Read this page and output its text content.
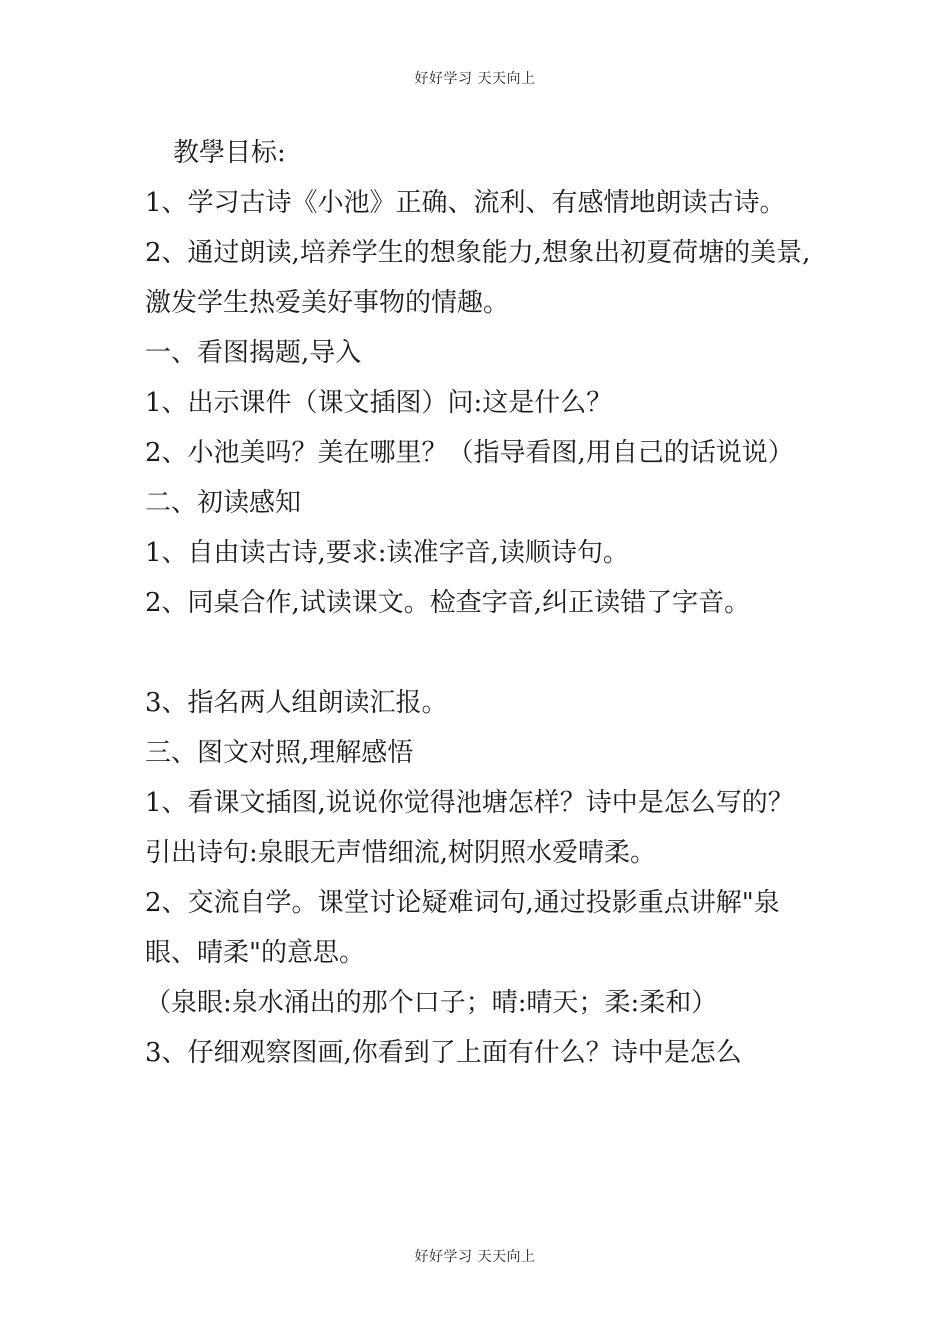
好好学习 天天向上

教學目标:

1、学习古诗《小池》正确、流利、有感情地朗读古诗。

2、通过朗读,培养学生的想象能力,想象出初夏荷塘的美景,激发学生热爱美好事物的情趣。

一、看图揭题,导入

1、出示课件（课文插图）问:这是什么？

2、小池美吗？美在哪里？（指导看图,用自己的话说说）

二、初读感知

1、自由读古诗,要求:读准字音,读顺诗句。

2、同桌合作,试读课文。检查字音,纠正读错了字音。

3、指名两人组朗读汇报。

三、图文对照,理解感悟

1、看课文插图,说说你觉得池塘怎样？诗中是怎么写的？

引出诗句:泉眼无声惜细流,树阴照水爱晴柔。

2、交流自学。课堂讨论疑难词句,通过投影重点讲解"泉眼、晴柔"的意思。

（泉眼:泉水涌出的那个口子；晴:晴天；柔:柔和）

3、仔细观察图画,你看到了上面有什么？诗中是怎么

好好学习 天天向上
